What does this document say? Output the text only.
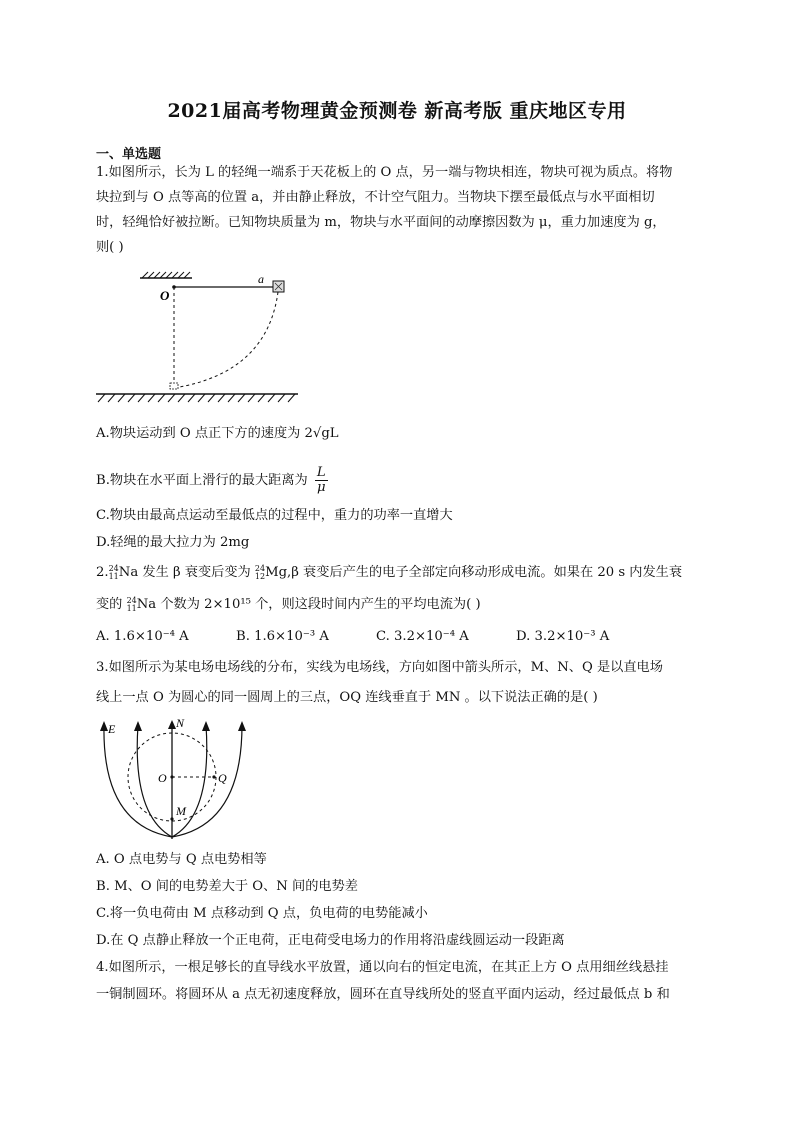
2021届高考物理黄金预测卷 新高考版 重庆地区专用
一、单选题
1.如图所示，长为 L 的轻绳一端系于天花板上的 O 点，另一端与物块相连，物块可视为质点。将物
块拉到与 O 点等高的位置 a，并由静止释放，不计空气阻力。当物块下摆至最低点与水平面相切
时，轻绳恰好被拉断。已知物块质量为 m，物块与水平面间的动摩擦因数为 μ，重力加速度为 g，
则( )
O
a
A.物块运动到 O 点正下方的速度为 2√gL
B.物块在水平面上滑行的最大距离为 $\frac{L}{\mu}$
C.物块由最高点运动至最低点的过程中，重力的功率一直增大
D.轻绳的最大拉力为 2mg
2. 24
11 Na 发生 β 衰变后变为 24
12 Mg,β 衰变后产生的电子全部定向移动形成电流。如果在 20 s 内发生衰
变的 24
11 Na 个数为 2×10¹⁵ 个，则这段时间内产生的平均电流为( )
A. 1.6×10⁻⁴ A	B. 1.6×10⁻³ A	C. 3.2×10⁻⁴ A	D. 3.2×10⁻³ A
3.如图所示为某电场电场线的分布，实线为电场线，方向如图中箭头所示，M、N、Q 是以直电场
线上一点 O 为圆心的同一圆周上的三点，OQ 连线垂直于 MN 。以下说法正确的是( )
E	N
O	Q
M
A. O 点电势与 Q 点电势相等
B. M、O 间的电势差大于 O、N 间的电势差
C.将一负电荷由 M 点移动到 Q 点，负电荷的电势能减小
D.在 Q 点静止释放一个正电荷，正电荷受电场力的作用将沿虚线圆运动一段距离
4.如图所示，一根足够长的直导线水平放置，通以向右的恒定电流，在其正上方 O 点用细丝线悬挂
一铜制圆环。将圆环从 a 点无初速度释放，圆环在直导线所处的竖直平面内运动，经过最低点 b 和
